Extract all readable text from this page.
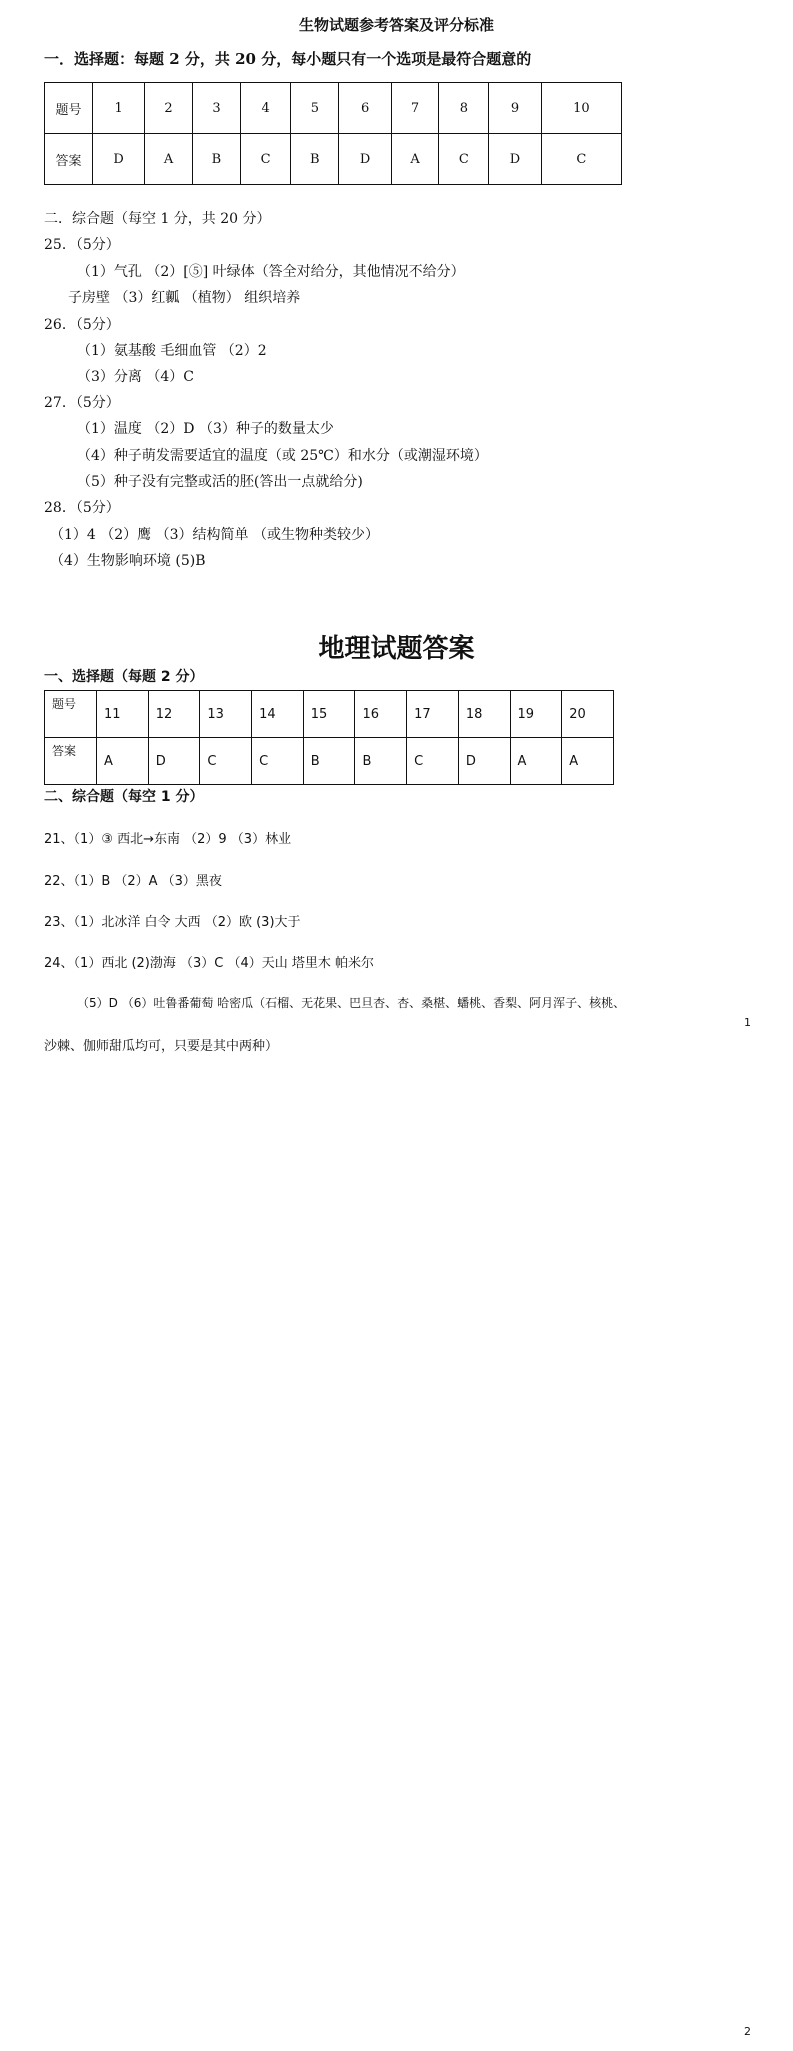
生物试题参考答案及评分标准
一．选择题：每题 2 分，共 20 分，每小题只有一个选项是最符合题意的
题号	1	2	3	4	5	6	7	8	9	10
答案	D	A	B	C	B	D	A	C	D	C
二．综合题（每空 1 分，共 20 分）
25．（5分）
（1）气孔 （2）[⑤] 叶绿体（答全对给分，其他情况不给分）
子房壁 （3）红瓤 （植物） 组织培养
26．（5分）
（1）氨基酸 毛细血管 （2）2
（3）分离 （4）C
27．（5分）
（1）温度 （2）D （3）种子的数量太少
（4）种子萌发需要适宜的温度（或 25℃）和水分（或潮湿环境）
（5）种子没有完整或活的胚(答出一点就给分)
28．（5分）
（1）4 （2）鹰 （3）结构简单 （或生物种类较少）
（4）生物影响环境 (5)B
地理试题答案
一、选择题（每题 2 分）
题号	11	12	13	14	15	16	17	18	19	20
答案	A	D	C	C	B	B	C	D	A	A
二、综合题（每空 1 分）
21、（1）③ 西北→东南 （2）9 （3）林业
22、（1）B （2）A （3）黑夜
23、（1）北冰洋 白令 大西 （2）欧 (3)大于
24、（1）西北 (2)渤海 （3）C （4）天山 塔里木 帕米尔
（5）D （6）吐鲁番葡萄 哈密瓜（石榴、无花果、巴旦杏、杏、桑椹、蟠桃、香梨、阿月浑子、核桃、
沙棘、伽师甜瓜均可，只要是其中两种）
1
2
